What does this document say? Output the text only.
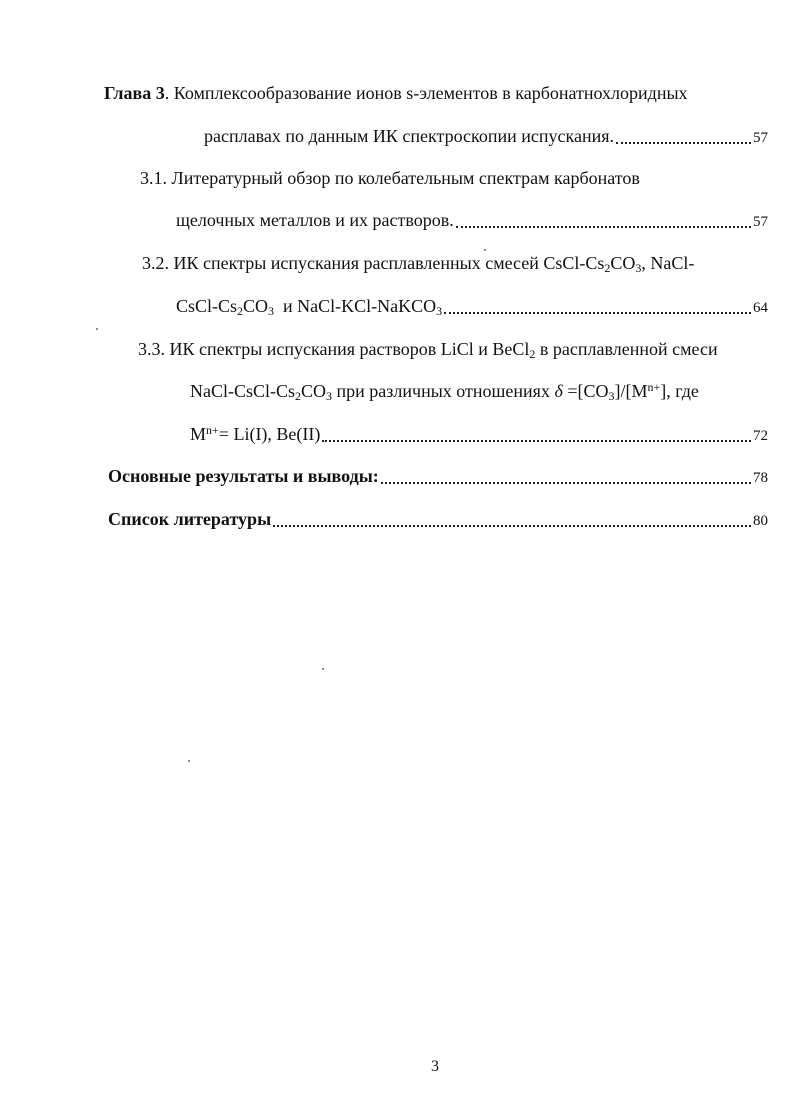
Глава 3. Комплексообразование ионов s-элементов в карбонатнохлоридных
расплавах по данным ИК спектроскопии испускания.	57
3.1. Литературный обзор по колебательным спектрам карбонатов
щелочных металлов и их растворов.	57
3.2. ИК спектры испускания расплавленных смесей CsCl-$Cs_2CO_3$, NaCl-
CsCl-$Cs_2CO_3$  и NaCl-KCl-NaKCO$_3$	64
3.3. ИК спектры испускания растворов LiCl и BeCl$_2$ в расплавленной смеси
NaCl-$CsCl-Cs_2CO_3$ при различных отношениях $\delta =[CO_3]/[M^{n+}]$, где
$M^{n+}= Li(I)$, Be(II)	72
Основные результаты и выводы:	78
Список литературы	80
3
